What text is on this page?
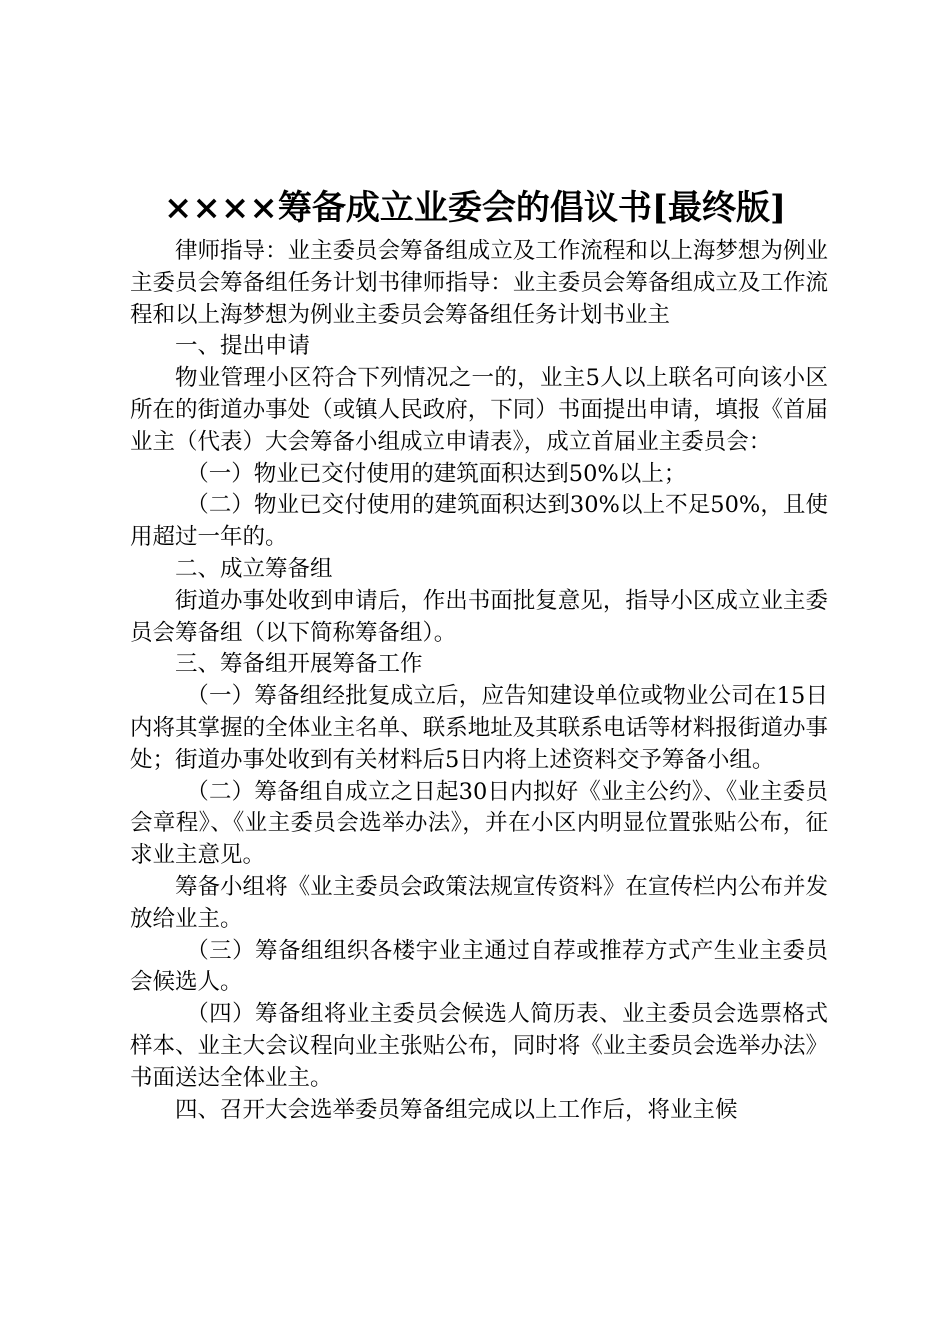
××××筹备成立业委会的倡议书[最终版]

律师指导：业主委员会筹备组成立及工作流程和以上海梦想为例业主委员会筹备组任务计划书律师指导：业主委员会筹备组成立及工作流程和以上海梦想为例业主委员会筹备组任务计划书业主

一、提出申请

物业管理小区符合下列情况之一的，业主5人以上联名可向该小区所在的街道办事处（或镇人民政府，下同）书面提出申请，填报《首届业主（代表）大会筹备小组成立申请表》，成立首届业主委员会：

（一）物业已交付使用的建筑面积达到50%以上；

（二）物业已交付使用的建筑面积达到30%以上不足50%，且使用超过一年的。

二、成立筹备组

街道办事处收到申请后，作出书面批复意见，指导小区成立业主委员会筹备组（以下简称筹备组）。

三、筹备组开展筹备工作

（一）筹备组经批复成立后，应告知建设单位或物业公司在15日内将其掌握的全体业主名单、联系地址及其联系电话等材料报街道办事处；街道办事处收到有关材料后5日内将上述资料交予筹备小组。

（二）筹备组自成立之日起30日内拟好《业主公约》、《业主委员会章程》、《业主委员会选举办法》，并在小区内明显位置张贴公布，征求业主意见。

筹备小组将《业主委员会政策法规宣传资料》在宣传栏内公布并发放给业主。

（三）筹备组组织各楼宇业主通过自荐或推荐方式产生业主委员会候选人。

（四）筹备组将业主委员会候选人简历表、业主委员会选票格式样本、业主大会议程向业主张贴公布，同时将《业主委员会选举办法》书面送达全体业主。

四、召开大会选举委员筹备组完成以上工作后，将业主候
